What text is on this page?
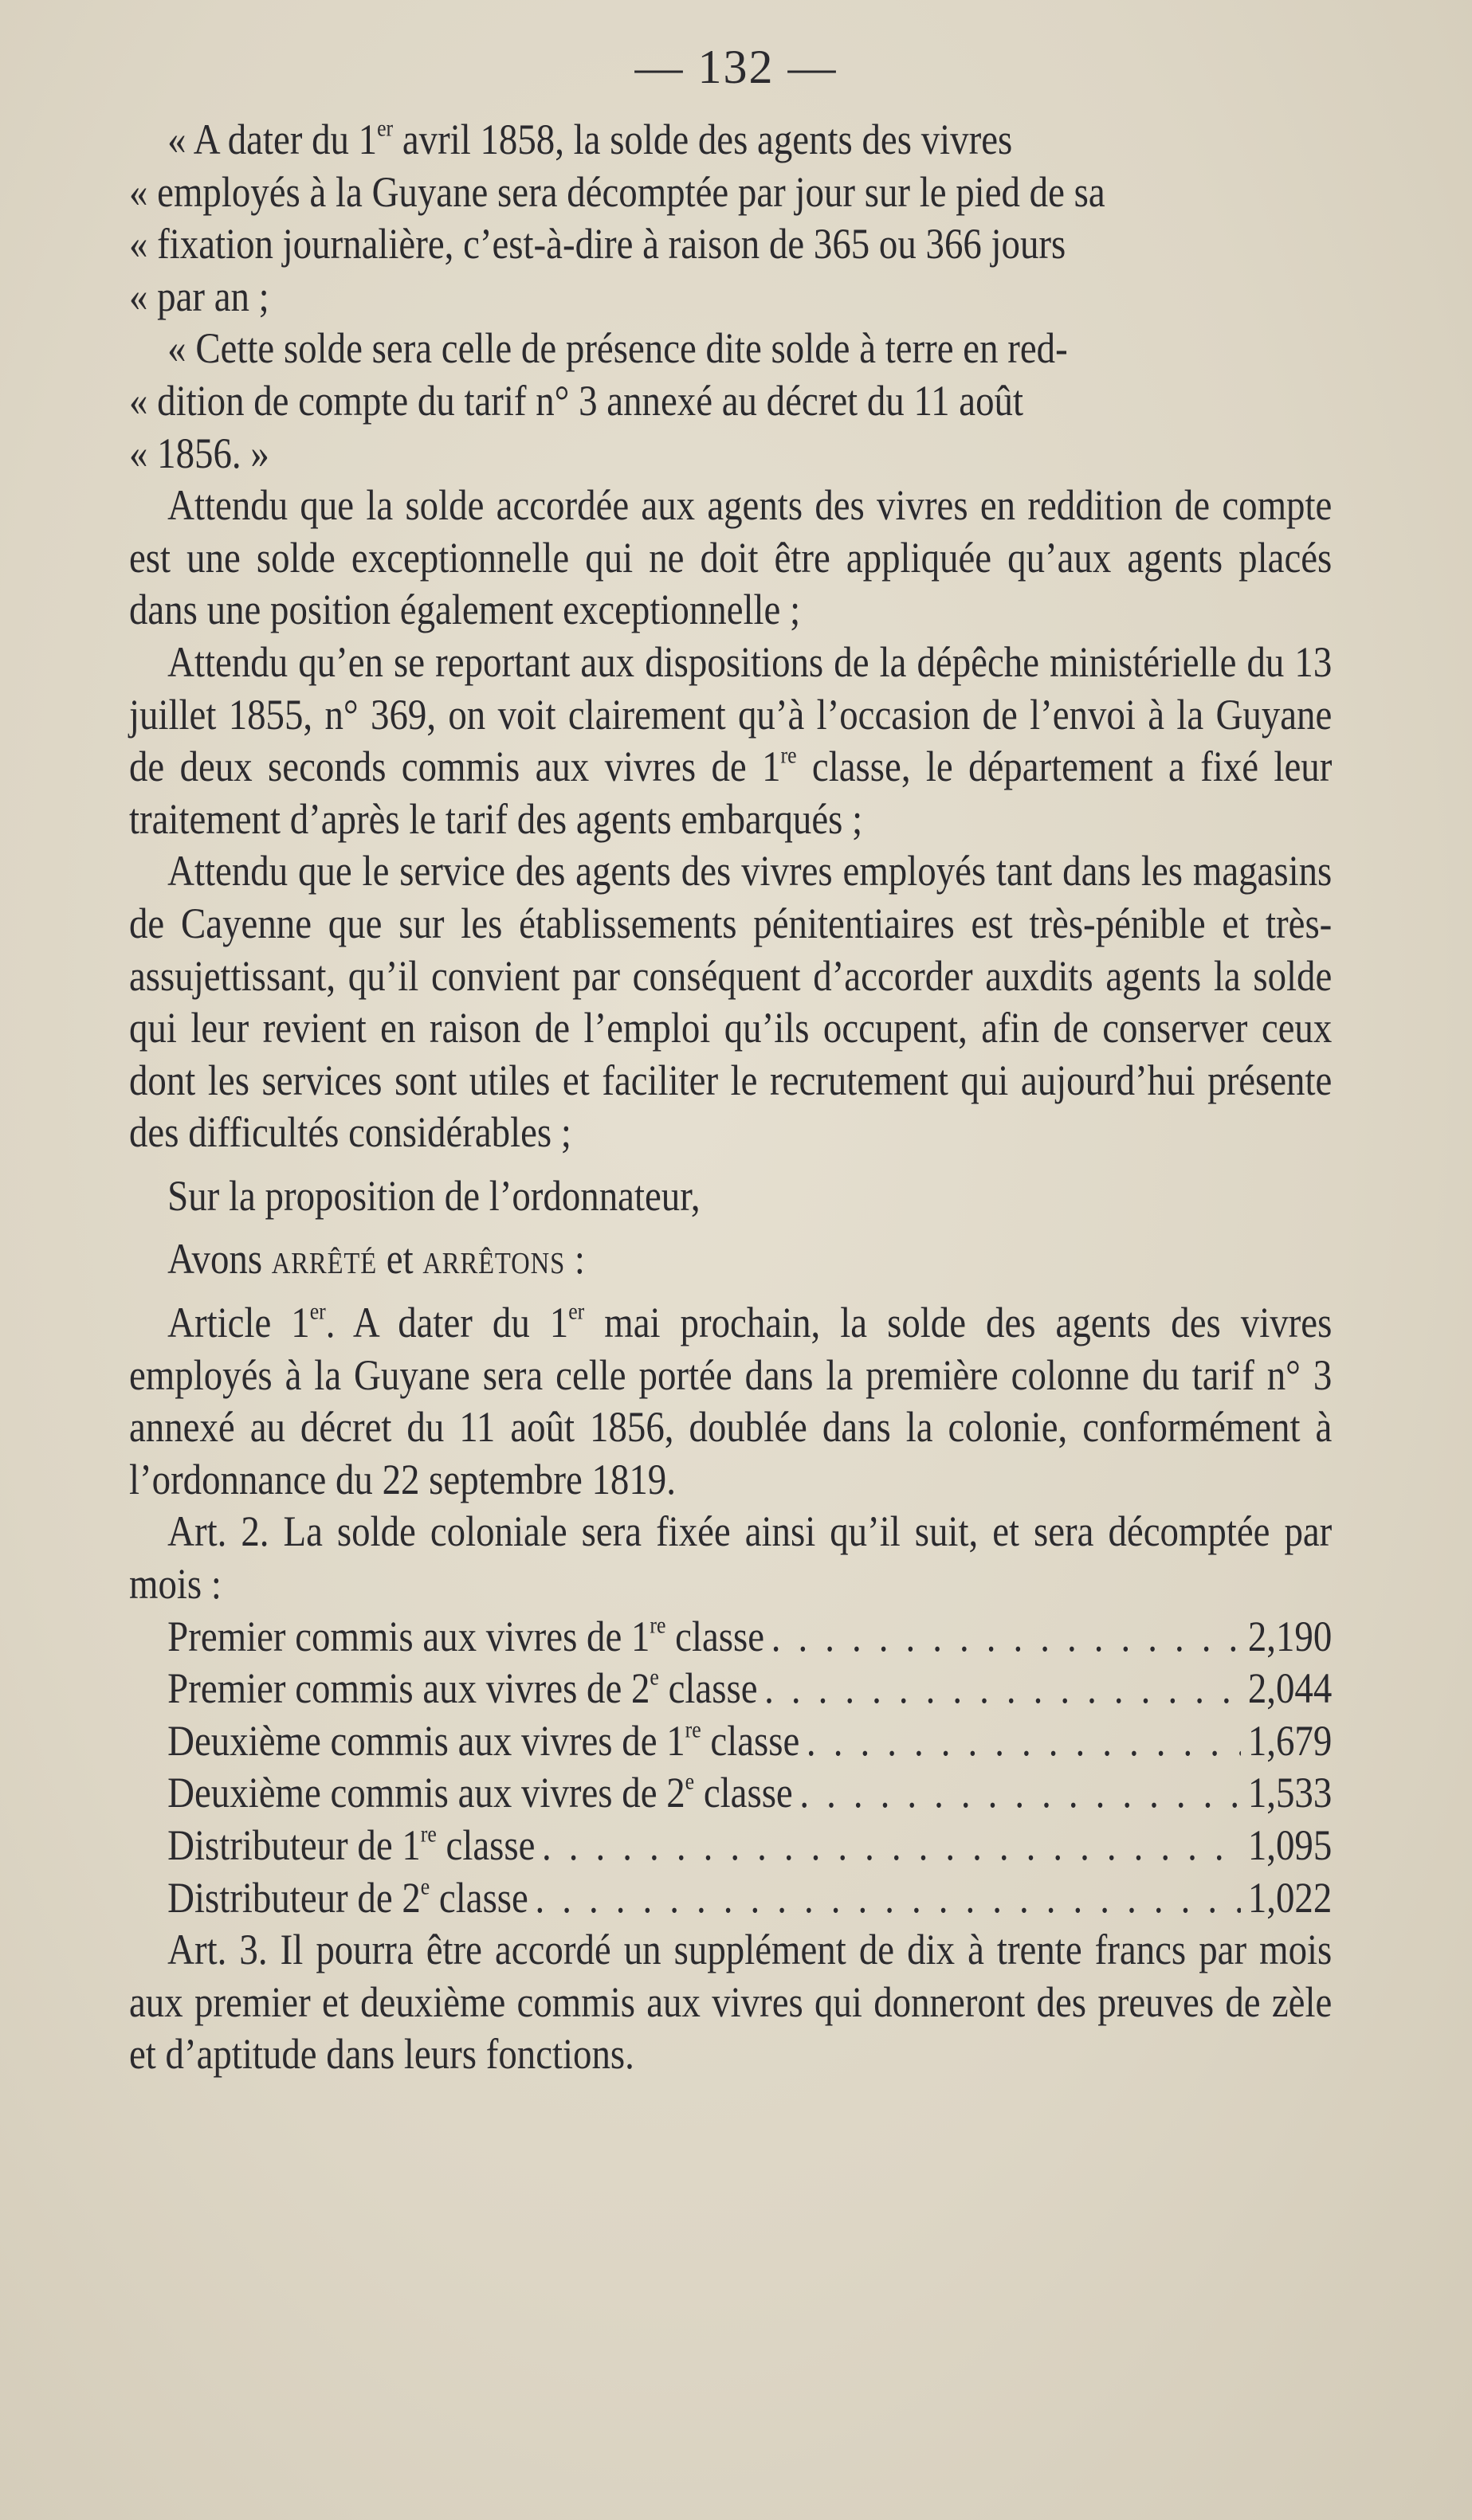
— 132 —

« A dater du 1er avril 1858, la solde des agents des vivres

« employés à la Guyane sera décomptée par jour sur le pied de sa

« fixation journalière, c’est-à-dire à raison de 365 ou 366 jours

« par an ;

« Cette solde sera celle de présence dite solde à terre en red-

« dition de compte du tarif n° 3 annexé au décret du 11 août

« 1856. »

Attendu que la solde accordée aux agents des vivres en reddition de compte est une solde exceptionnelle qui ne doit être appliquée qu’aux agents placés dans une position également exceptionnelle ;

Attendu qu’en se reportant aux dispositions de la dépêche ministérielle du 13 juillet 1855, n° 369, on voit clairement qu’à l’occasion de l’envoi à la Guyane de deux seconds commis aux vivres de 1re classe, le département a fixé leur traitement d’après le tarif des agents embarqués ;

Attendu que le service des agents des vivres employés tant dans les magasins de Cayenne que sur les établissements pénitentiaires est très-pénible et très-assujettissant, qu’il convient par conséquent d’accorder auxdits agents la solde qui leur revient en raison de l’emploi qu’ils occupent, afin de conserver ceux dont les services sont utiles et faciliter le recrutement qui aujourd’hui présente des difficultés considérables ;

Sur la proposition de l’ordonnateur,

Avons arrêté et arrêtons :

Article 1er. A dater du 1er mai prochain, la solde des agents des vivres employés à la Guyane sera celle portée dans la première colonne du tarif n° 3 annexé au décret du 11 août 1856, doublée dans la colonie, conformément à l’ordonnance du 22 septembre 1819.

Art. 2. La solde coloniale sera fixée ainsi qu’il suit, et sera décomptée par mois :

Premier commis aux vivres de 1re classe . . .	2,190
Premier commis aux vivres de 2e classe . . .	2,044
Deuxième commis aux vivres de 1re classe . . .	1,679
Deuxième commis aux vivres de 2e classe . . .	1,533
Distributeur de 1re classe . . .	1,095
Distributeur de 2e classe . . .	1,022

Art. 3. Il pourra être accordé un supplément de dix à trente francs par mois aux premier et deuxième commis aux vivres qui donneront des preuves de zèle et d’aptitude dans leurs fonctions.
